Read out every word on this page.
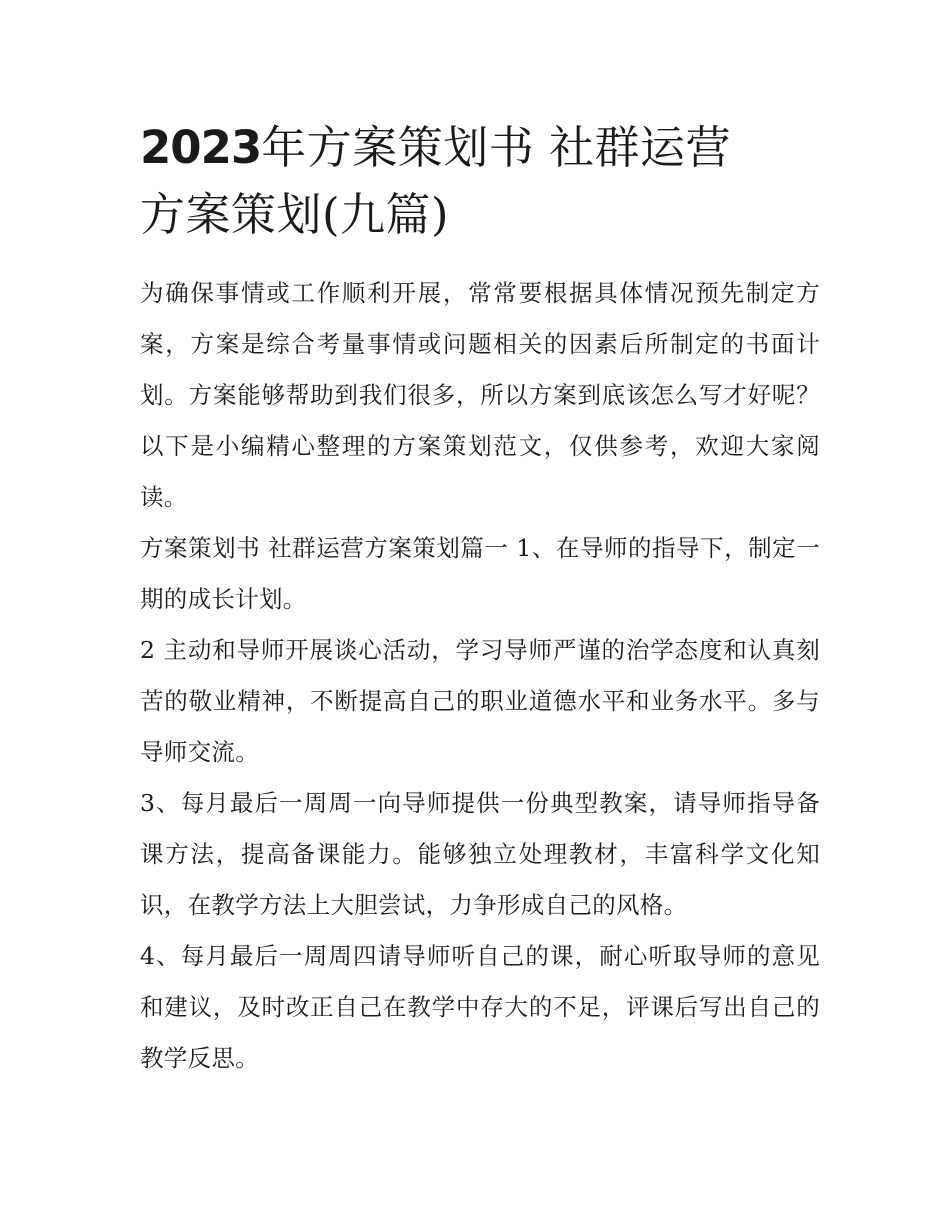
2023年方案策划书 社群运营
方案策划(九篇)

为确保事情或工作顺利开展，常常要根据具体情况预先制定方案，方案是综合考量事情或问题相关的因素后所制定的书面计划。方案能够帮助到我们很多，所以方案到底该怎么写才好呢？以下是小编精心整理的方案策划范文，仅供参考，欢迎大家阅读。

方案策划书 社群运营方案策划篇一 1、在导师的指导下，制定一期的成长计划。

2 主动和导师开展谈心活动，学习导师严谨的治学态度和认真刻苦的敬业精神，不断提高自己的职业道德水平和业务水平。多与导师交流。

3、每月最后一周周一向导师提供一份典型教案，请导师指导备课方法，提高备课能力。能够独立处理教材，丰富科学文化知识，在教学方法上大胆尝试，力争形成自己的风格。

4、每月最后一周周四请导师听自己的课，耐心听取导师的意见和建议，及时改正自己在教学中存大的不足，评课后写出自己的教学反思。
